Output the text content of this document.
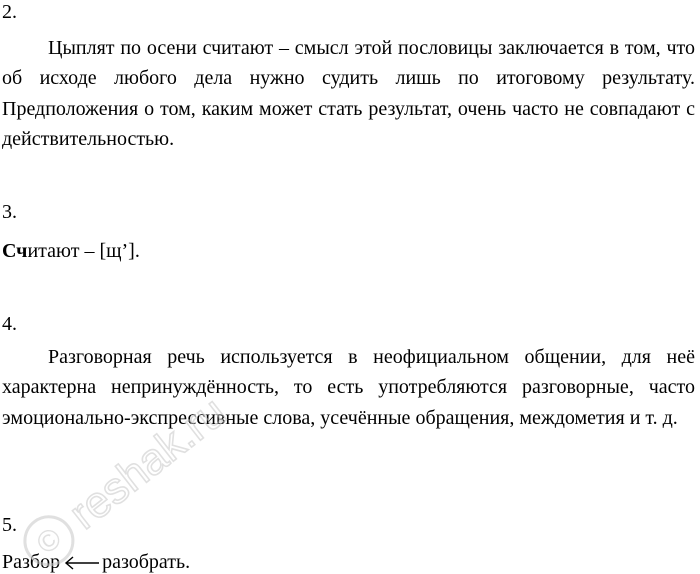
2.

Цыплят по осени считают – смысл этой пословицы заключается в том, что об исходе любого дела нужно судить лишь по итоговому результату. Предположения о том, каким может стать результат, очень часто не совпадают с действительностью.

3.

Считают – [щ’].

4.

Разговорная речь используется в неофициальном общении, для неё характерна непринуждённость, то есть употребляются разговорные, часто эмоционально-экспрессивные слова, усечённые обращения, междометия и т. д.

5.

Разбор разобрать.

©
reshak.ru
